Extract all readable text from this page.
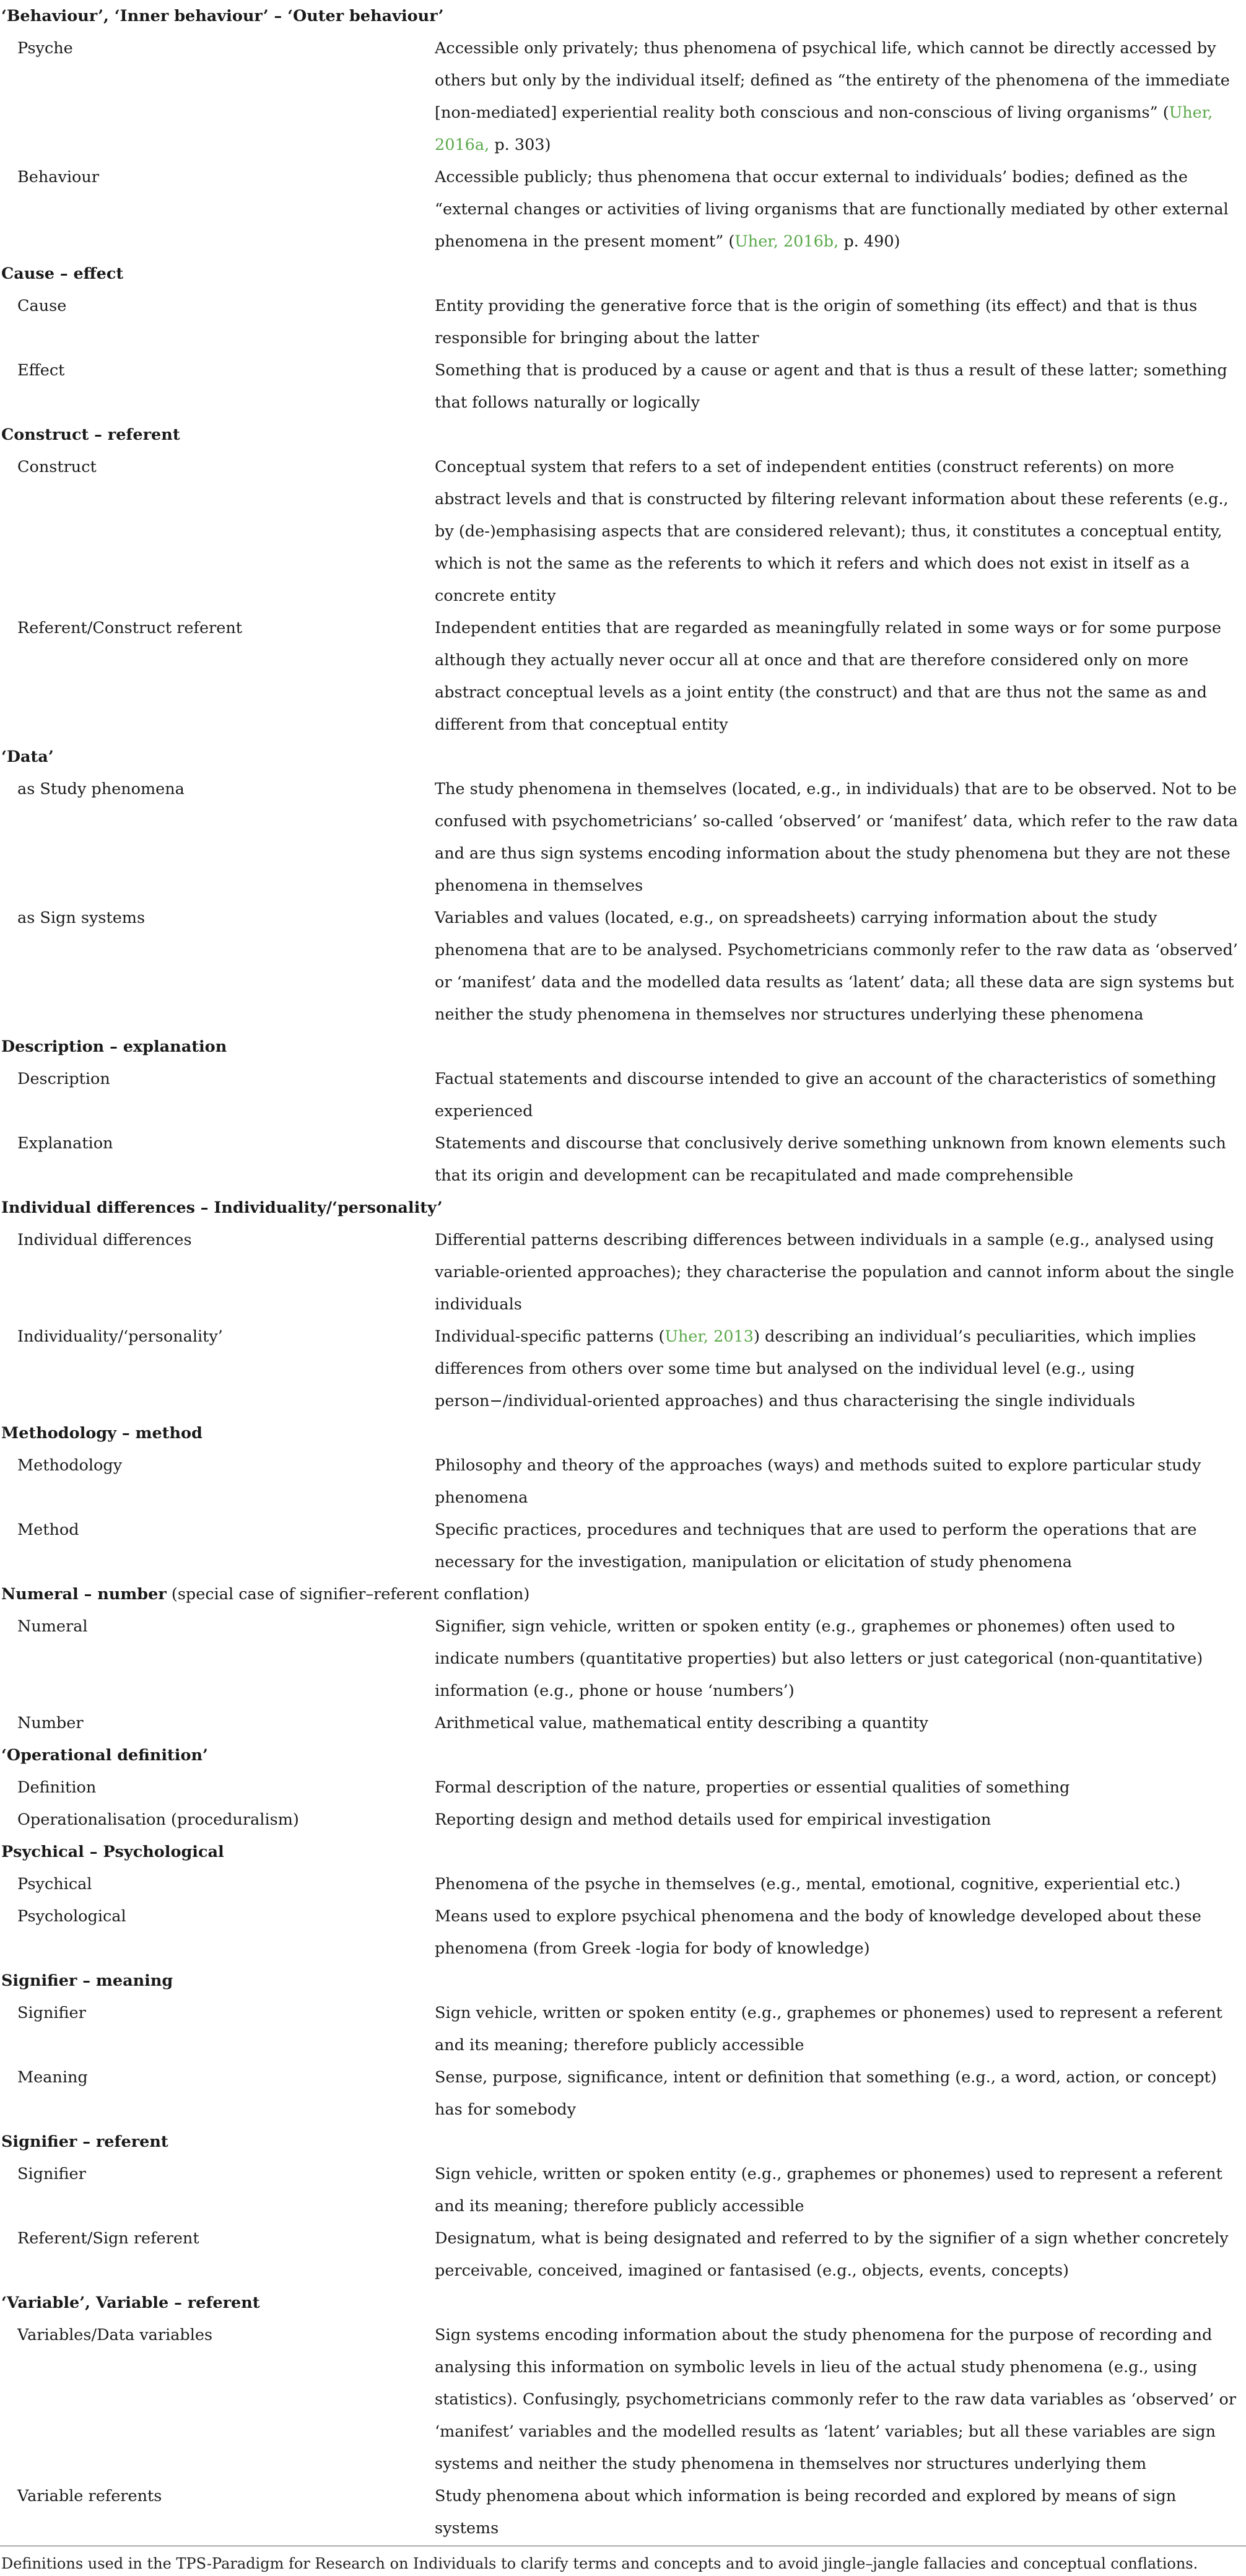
‘Behaviour’, ‘Inner behaviour’ – ‘Outer behaviour’	
Psyche	Accessible only privately; thus phenomena of psychical life, which cannot be directly accessed by others but only by the individual itself; defined as “the entirety of the phenomena of the immediate [non-mediated] experiential reality both conscious and non-conscious of living organisms” (Uher, 2016a, p. 303)
Behaviour	Accessible publicly; thus phenomena that occur external to individuals’ bodies; defined as the “external changes or activities of living organisms that are functionally mediated by other external phenomena in the present moment” (Uher, 2016b, p. 490)
Cause – effect	
Cause	Entity providing the generative force that is the origin of something (its effect) and that is thus responsible for bringing about the latter
Effect	Something that is produced by a cause or agent and that is thus a result of these latter; something that follows naturally or logically
Construct – referent	
Construct	Conceptual system that refers to a set of independent entities (construct referents) on more abstract levels and that is constructed by filtering relevant information about these referents (e.g., by (de-)emphasising aspects that are considered relevant); thus, it constitutes a conceptual entity, which is not the same as the referents to which it refers and which does not exist in itself as a concrete entity
Referent/Construct referent	Independent entities that are regarded as meaningfully related in some ways or for some purpose although they actually never occur all at once and that are therefore considered only on more abstract conceptual levels as a joint entity (the construct) and that are thus not the same as and different from that conceptual entity
‘Data’	
as Study phenomena	The study phenomena in themselves (located, e.g., in individuals) that are to be observed. Not to be confused with psychometricians’ so-called ‘observed’ or ‘manifest’ data, which refer to the raw data and are thus sign systems encoding information about the study phenomena but they are not these phenomena in themselves
as Sign systems	Variables and values (located, e.g., on spreadsheets) carrying information about the study phenomena that are to be analysed. Psychometricians commonly refer to the raw data as ‘observed’ or ‘manifest’ data and the modelled data results as ‘latent’ data; all these data are sign systems but neither the study phenomena in themselves nor structures underlying these phenomena
Description – explanation	
Description	Factual statements and discourse intended to give an account of the characteristics of something experienced
Explanation	Statements and discourse that conclusively derive something unknown from known elements such that its origin and development can be recapitulated and made comprehensible
Individual differences – Individuality/‘personality’	
Individual differences	Differential patterns describing differences between individuals in a sample (e.g., analysed using variable-oriented approaches); they characterise the population and cannot inform about the single individuals
Individuality/‘personality’	Individual-specific patterns (Uher, 2013) describing an individual’s peculiarities, which implies differences from others over some time but analysed on the individual level (e.g., using person−/individual-oriented approaches) and thus characterising the single individuals
Methodology – method	
Methodology	Philosophy and theory of the approaches (ways) and methods suited to explore particular study phenomena
Method	Specific practices, procedures and techniques that are used to perform the operations that are necessary for the investigation, manipulation or elicitation of study phenomena
Numeral – number (special case of signifier–referent conflation)	
Numeral	Signifier, sign vehicle, written or spoken entity (e.g., graphemes or phonemes) often used to indicate numbers (quantitative properties) but also letters or just categorical (non-quantitative) information (e.g., phone or house ‘numbers’)
Number	Arithmetical value, mathematical entity describing a quantity
‘Operational definition’	
Definition	Formal description of the nature, properties or essential qualities of something
Operationalisation (proceduralism)	Reporting design and method details used for empirical investigation
Psychical – Psychological	
Psychical	Phenomena of the psyche in themselves (e.g., mental, emotional, cognitive, experiential etc.)
Psychological	Means used to explore psychical phenomena and the body of knowledge developed about these phenomena (from Greek -logia for body of knowledge)
Signifier – meaning	
Signifier	Sign vehicle, written or spoken entity (e.g., graphemes or phonemes) used to represent a referent and its meaning; therefore publicly accessible
Meaning	Sense, purpose, significance, intent or definition that something (e.g., a word, action, or concept) has for somebody
Signifier – referent	
Signifier	Sign vehicle, written or spoken entity (e.g., graphemes or phonemes) used to represent a referent and its meaning; therefore publicly accessible
Referent/Sign referent	Designatum, what is being designated and referred to by the signifier of a sign whether concretely perceivable, conceived, imagined or fantasised (e.g., objects, events, concepts)
‘Variable’, Variable – referent	
Variables/Data variables	Sign systems encoding information about the study phenomena for the purpose of recording and analysing this information on symbolic levels in lieu of the actual study phenomena (e.g., using statistics). Confusingly, psychometricians commonly refer to the raw data variables as ‘observed’ or ‘manifest’ variables and the modelled results as ‘latent’ variables; but all these variables are sign systems and neither the study phenomena in themselves nor structures underlying them
Variable referents	Study phenomena about which information is being recorded and explored by means of sign systems
Definitions used in the TPS-Paradigm for Research on Individuals to clarify terms and concepts and to avoid jingle–jangle fallacies and conceptual conflations.
